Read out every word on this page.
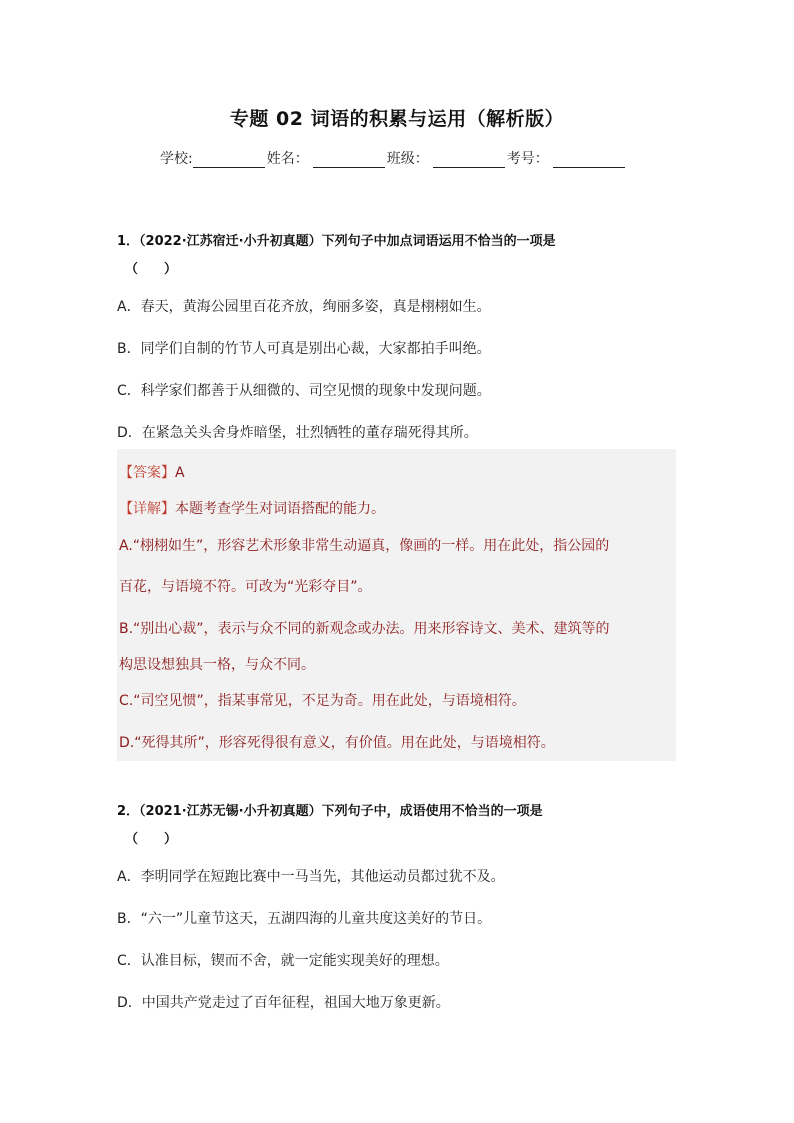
专题 02 词语的积累与运用（解析版）
学校:	姓名：	班级：	考号：
1．（2022·江苏宿迁·小升初真题）下列句子中加点词语运用不恰当的一项是
（　　）
A．春天，黄海公园里百花齐放，绚丽多姿，真是栩栩如生。
B．同学们自制的竹节人可真是别出心裁，大家都拍手叫绝。
C．科学家们都善于从细微的、司空见惯的现象中发现问题。
D．在紧急关头舍身炸暗堡，壮烈牺牲的董存瑞死得其所。
【答案】A
【详解】本题考查学生对词语搭配的能力。
A.“栩栩如生”，形容艺术形象非常生动逼真，像画的一样。用在此处，指公园的
百花，与语境不符。可改为“光彩夺目”。
B.“别出心裁”，表示与众不同的新观念或办法。用来形容诗文、美术、建筑等的
构思设想独具一格，与众不同。
C.“司空见惯”，指某事常见，不足为奇。用在此处，与语境相符。
D.“死得其所”，形容死得很有意义，有价值。用在此处，与语境相符。
2．（2021·江苏无锡·小升初真题）下列句子中，成语使用不恰当的一项是
（　　）
A．李明同学在短跑比赛中一马当先，其他运动员都过犹不及。
B．“六一”儿童节这天，五湖四海的儿童共度这美好的节日。
C．认准目标，锲而不舍，就一定能实现美好的理想。
D．中国共产党走过了百年征程，祖国大地万象更新。
